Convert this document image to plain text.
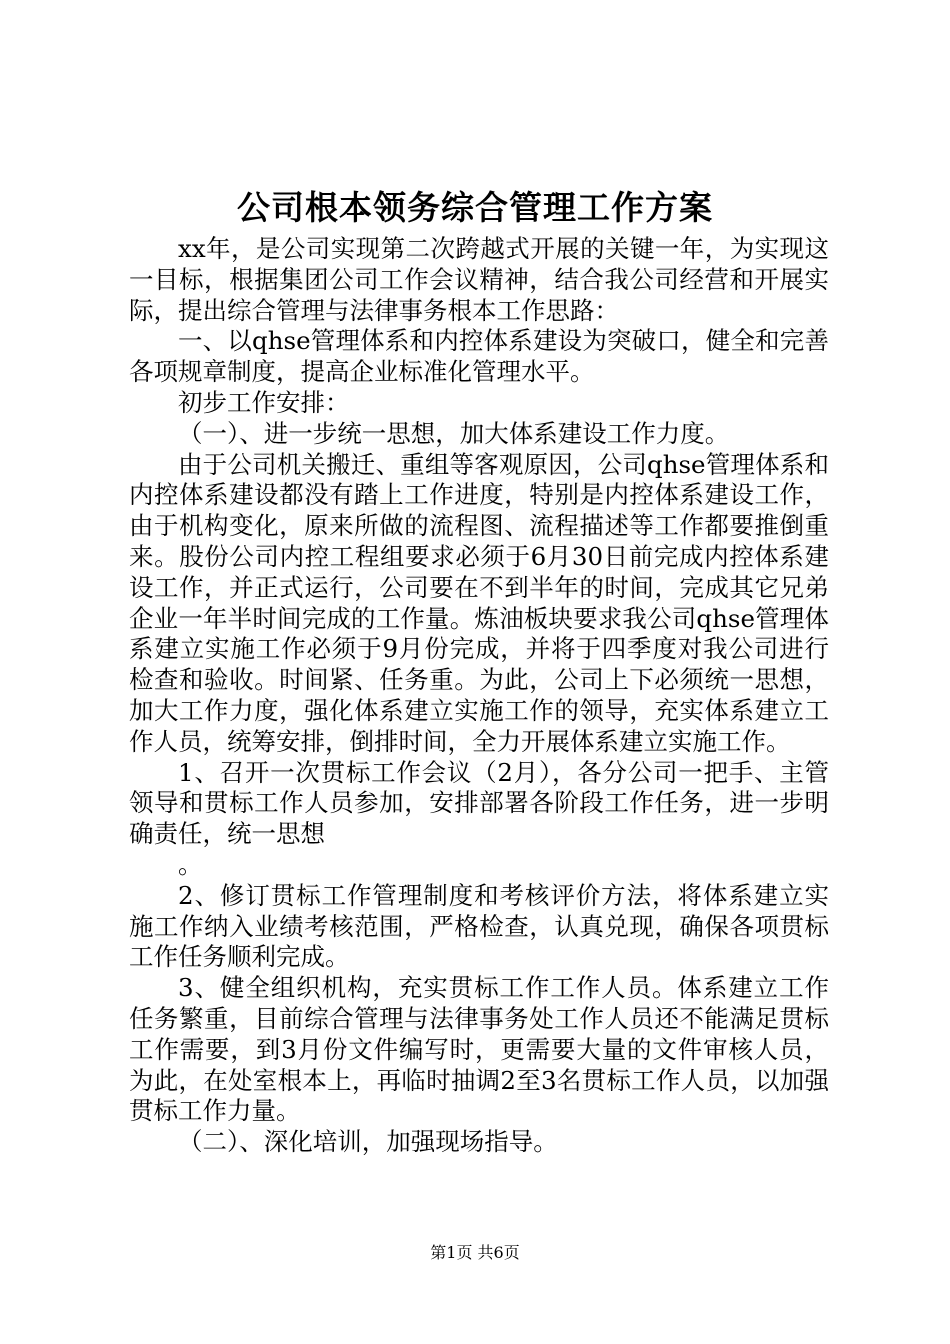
公司根本领务综合管理工作方案

xx年，是公司实现第二次跨越式开展的关键一年，为实现这一目标，根据集团公司工作会议精神，结合我公司经营和开展实际，提出综合管理与法律事务根本工作思路：

一、以qhse管理体系和内控体系建设为突破口，健全和完善各项规章制度，提高企业标准化管理水平。

初步工作安排：

（一）、进一步统一思想，加大体系建设工作力度。

由于公司机关搬迁、重组等客观原因，公司qhse管理体系和内控体系建设都没有踏上工作进度，特别是内控体系建设工作，由于机构变化，原来所做的流程图、流程描述等工作都要推倒重来。股份公司内控工程组要求必须于6月30日前完成内控体系建设工作，并正式运行，公司要在不到半年的时间，完成其它兄弟企业一年半时间完成的工作量。炼油板块要求我公司qhse管理体系建立实施工作必须于9月份完成，并将于四季度对我公司进行检查和验收。时间紧、任务重。为此，公司上下必须统一思想，加大工作力度，强化体系建立实施工作的领导，充实体系建立工作人员，统筹安排，倒排时间，全力开展体系建立实施工作。

1、召开一次贯标工作会议（2月），各分公司一把手、主管领导和贯标工作人员参加，安排部署各阶段工作任务，进一步明确责任，统一思想

。

2、修订贯标工作管理制度和考核评价方法，将体系建立实施工作纳入业绩考核范围，严格检查，认真兑现，确保各项贯标工作任务顺利完成。

3、健全组织机构，充实贯标工作工作人员。体系建立工作任务繁重，目前综合管理与法律事务处工作人员还不能满足贯标工作需要，到3月份文件编写时，更需要大量的文件审核人员，为此，在处室根本上，再临时抽调2至3名贯标工作人员，以加强贯标工作力量。

（二）、深化培训，加强现场指导。

第1页 共6页
